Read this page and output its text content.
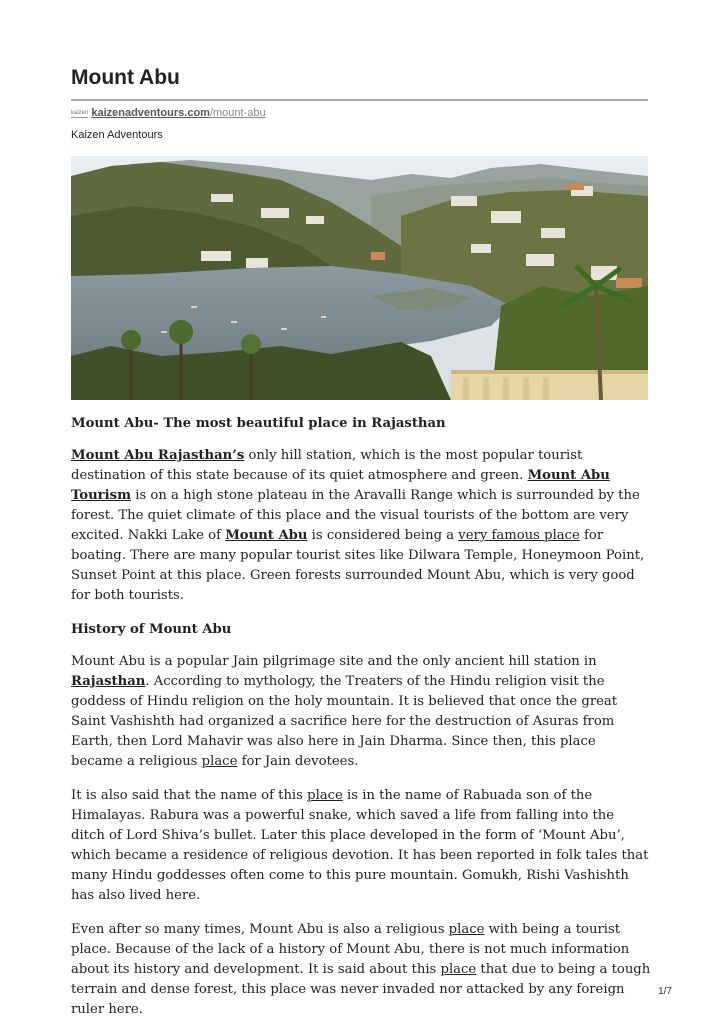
Mount Abu
kaizen kaizenadventours.com/mount-abu
Kaizen Adventours
Mount Abu- The most beautiful place in Rajasthan

Mount Abu Rajasthan’s only hill station, which is the most popular tourist destination of this state because of its quiet atmosphere and green. Mount Abu Tourism is on a high stone plateau in the Aravalli Range which is surrounded by the forest. The quiet climate of this place and the visual tourists of the bottom are very excited. Nakki Lake of Mount Abu is considered being a very famous place for boating. There are many popular tourist sites like Dilwara Temple, Honeymoon Point, Sunset Point at this place. Green forests surrounded Mount Abu, which is very good for both tourists.

History of Mount Abu

Mount Abu is a popular Jain pilgrimage site and the only ancient hill station in Rajasthan. According to mythology, the Treaters of the Hindu religion visit the goddess of Hindu religion on the holy mountain. It is believed that once the great Saint Vashishth had organized a sacrifice here for the destruction of Asuras from Earth, then Lord Mahavir was also here in Jain Dharma. Since then, this place became a religious place for Jain devotees.

It is also said that the name of this place is in the name of Rabuada son of the Himalayas. Rabura was a powerful snake, which saved a life from falling into the ditch of Lord Shiva’s bullet. Later this place developed in the form of ‘Mount Abu’, which became a residence of religious devotion. It has been reported in folk tales that many Hindu goddesses often come to this pure mountain. Gomukh, Rishi Vashishth has also lived here.

Even after so many times, Mount Abu is also a religious place with being a tourist place. Because of the lack of a history of Mount Abu, there is not much information about its history and development. It is said about this place that due to being a tough terrain and dense forest, this place was never invaded nor attacked by any foreign ruler here.

1/7
